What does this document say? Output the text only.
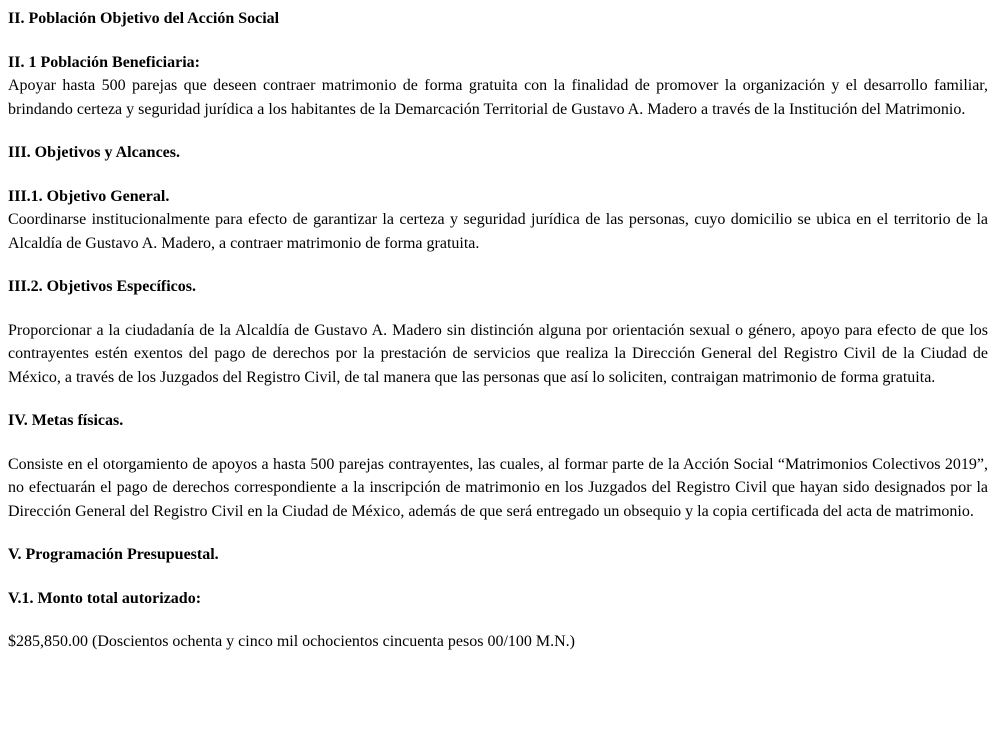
II. Población Objetivo del Acción Social

II. 1 Población Beneficiaria:

Apoyar hasta 500 parejas que deseen contraer matrimonio de forma gratuita con la finalidad de promover la organización y el desarrollo familiar, brindando certeza y seguridad jurídica a los habitantes de la Demarcación Territorial de Gustavo A. Madero a través de la Institución del Matrimonio.

III. Objetivos y Alcances.

III.1. Objetivo General.

Coordinarse institucionalmente para efecto de garantizar la certeza y seguridad jurídica de las personas, cuyo domicilio se ubica en el territorio de la Alcaldía de Gustavo A. Madero, a contraer matrimonio de forma gratuita.

III.2. Objetivos Específicos.

Proporcionar a la ciudadanía de la Alcaldía de Gustavo A. Madero sin distinción alguna por orientación sexual o género, apoyo para efecto de que los contrayentes estén exentos del pago de derechos por la prestación de servicios que realiza la Dirección General del Registro Civil de la Ciudad de México, a través de los Juzgados del Registro Civil, de tal manera que las personas que así lo soliciten, contraigan matrimonio de forma gratuita.

IV. Metas físicas.

Consiste en el otorgamiento de apoyos a hasta 500 parejas contrayentes, las cuales, al formar parte de la Acción Social “Matrimonios Colectivos 2019”, no efectuarán el pago de derechos correspondiente a la inscripción de matrimonio en los Juzgados del Registro Civil que hayan sido designados por la Dirección General del Registro Civil en la Ciudad de México, además de que será entregado un obsequio y la copia certificada del acta de matrimonio.

V. Programación Presupuestal.

V.1. Monto total autorizado:

$285,850.00 (Doscientos ochenta y cinco mil ochocientos cincuenta pesos 00/100 M.N.)
